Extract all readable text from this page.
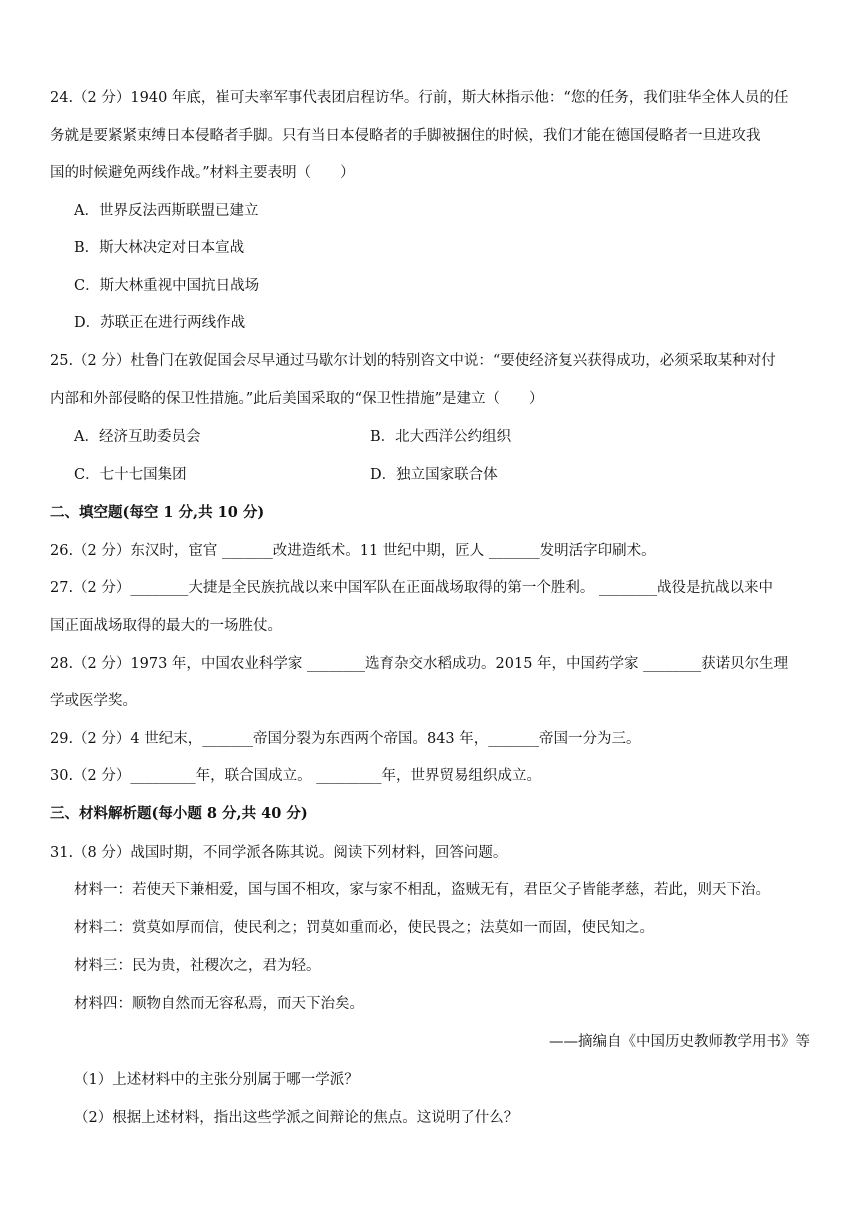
24.（2 分）1940 年底，崔可夫率军事代表团启程访华。行前，斯大林指示他：“您的任务，我们驻华全体人员的任
务就是要紧紧束缚日本侵略者手脚。只有当日本侵略者的手脚被捆住的时候，我们才能在德国侵略者一旦进攻我
国的时候避免两线作战。”材料主要表明（　　）
A．世界反法西斯联盟已建立
B．斯大林决定对日本宣战
C．斯大林重视中国抗日战场
D．苏联正在进行两线作战
25.（2 分）杜鲁门在敦促国会尽早通过马歇尔计划的特别咨文中说：“要使经济复兴获得成功，必须采取某种对付
内部和外部侵略的保卫性措施。”此后美国采取的“保卫性措施”是建立（　　）
A．经济互助委员会	B．北大西洋公约组织
C．七十七国集团	D．独立国家联合体
二、填空题(每空 1 分,共 10 分)
26.（2 分）东汉时，宦官 _______改进造纸术。11 世纪中期，匠人 _______发明活字印刷术。
27.（2 分）________大捷是全民族抗战以来中国军队在正面战场取得的第一个胜利。 ________战役是抗战以来中
国正面战场取得的最大的一场胜仗。
28.（2 分）1973 年，中国农业科学家 ________选育杂交水稻成功。2015 年，中国药学家 ________获诺贝尔生理
学或医学奖。
29.（2 分）4 世纪末，_______帝国分裂为东西两个帝国。843 年，_______帝国一分为三。
30.（2 分）_________年，联合国成立。 _________年，世界贸易组织成立。
三、材料解析题(每小题 8 分,共 40 分)
31.（8 分）战国时期，不同学派各陈其说。阅读下列材料，回答问题。
材料一：若使天下兼相爱，国与国不相攻，家与家不相乱，盗贼无有，君臣父子皆能孝慈，若此，则天下治。
材料二：赏莫如厚而信，使民利之；罚莫如重而必，使民畏之；法莫如一而固，使民知之。
材料三：民为贵，社稷次之，君为轻。
材料四：顺物自然而无容私焉，而天下治矣。
——摘编自《中国历史教师教学用书》等
（1）上述材料中的主张分别属于哪一学派？
（2）根据上述材料，指出这些学派之间辩论的焦点。这说明了什么？
